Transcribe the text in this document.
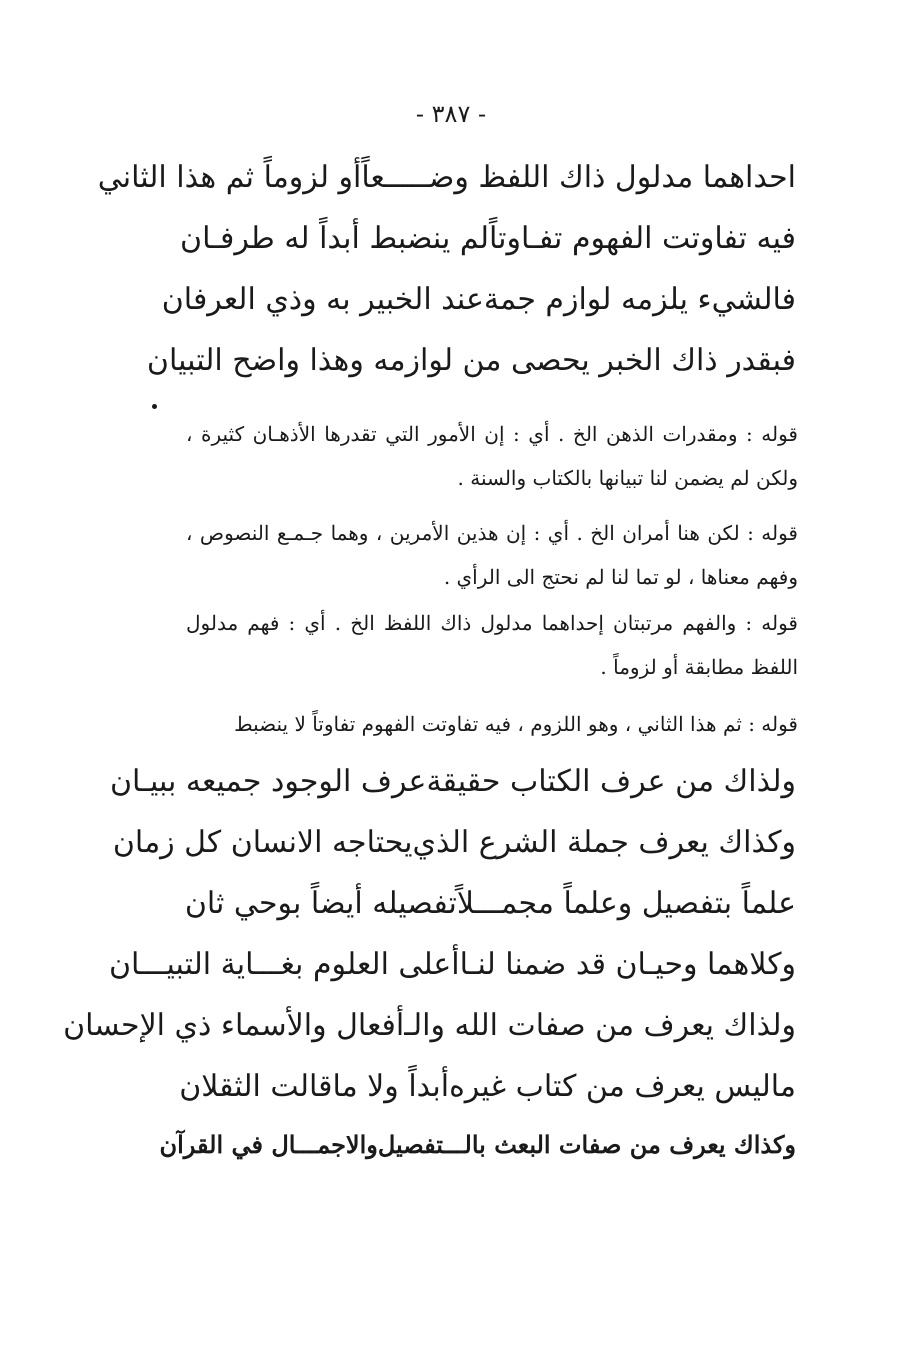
- ٣٨٧ -
احداهما مدلول ذاك اللفظ وضـــــعاً
أو لزوماً ثم هذا الثاني
فيه تفاوتت الفهوم تفـاوتاً
لم ينضبط أبداً له طرفـان
فالشيء يلزمه لوازم جمة
عند الخبير به وذي العرفان
فبقدر ذاك الخبر يحصى من لوا
زمه وهذا واضح التبيان

قوله : ومقدرات الذهن الخ . أي : إن الأمور التي تقدرها الأذهـان كثيرة ، ولكن لم يضمن لنا تبيانها بالكتاب والسنة .

قوله : لكن هنا أمران الخ . أي : إن هذين الأمرين ، وهما جـمـع النصوص ، وفهم معناها ، لو تما لنا لم نحتج الى الرأي .

قوله : والفهم مرتبتان إحداهما مدلول ذاك اللفظ الخ . أي : فهم مدلول اللفظ مطابقة أو لزوماً .

قوله : ثم هذا الثاني ، وهو اللزوم ، فيه تفاوتت الفهوم تفاوتاً لا ينضبط

ولذاك من عرف الكتاب حقيقة
عرف الوجود جميعه ببيـان
وكذاك يعرف جملة الشرع الذي
يحتاجه الانسان كل زمان
علماً بتفصيل وعلماً مجمـــلاً
تفصيله أيضاً بوحي ثان
وكلاهما وحيـان قد ضمنا لنـا
أعلى العلوم بغـــاية التبيـــان
ولذاك يعرف من صفات الله والـ
أفعال والأسماء ذي الإحسان
ماليس يعرف من كتاب غيره
أبداً ولا ماقالت الثقلان
وكذاك يعرف من صفات البعث بالـــتفصيل
والاجمـــال في القرآن
